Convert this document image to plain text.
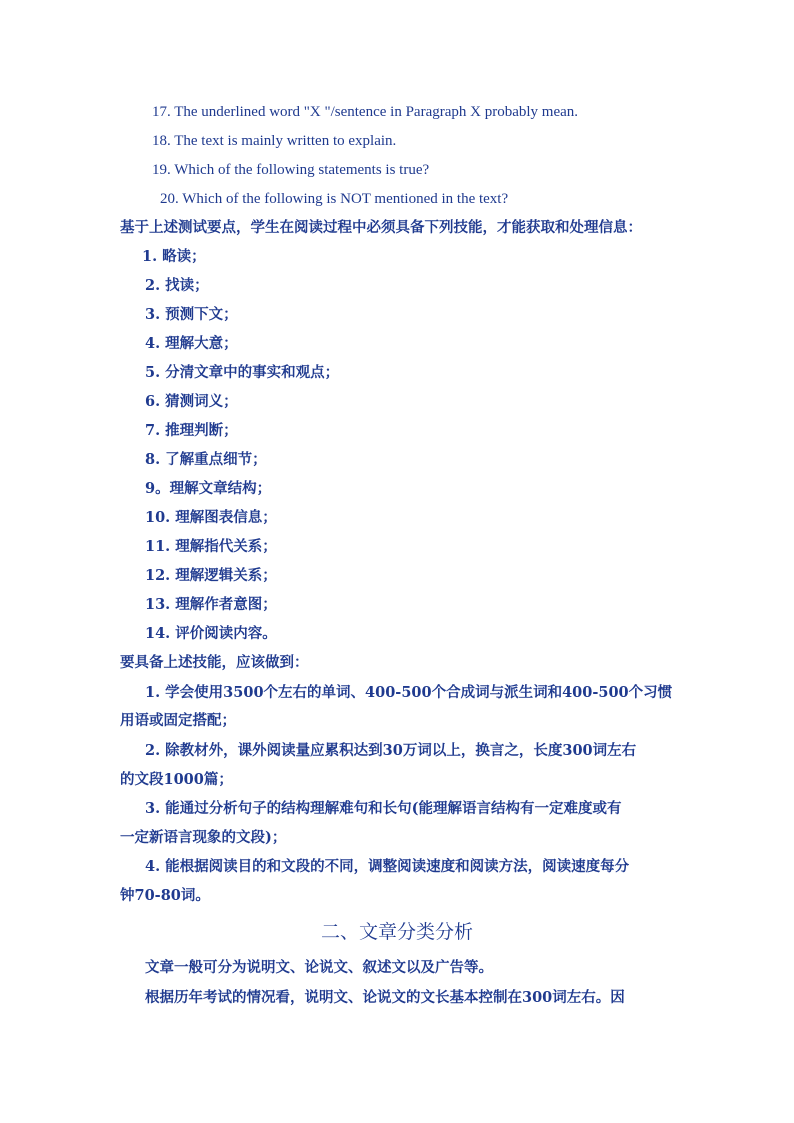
17. The underlined word "X "/sentence in Paragraph X probably mean.
18. The text is mainly written to explain.
19. Which of the following statements is true?
20. Which of the following is NOT mentioned in the text?
基于上述测试要点，学生在阅读过程中必须具备下列技能，才能获取和处理信息：
1. 略读；
2. 找读；
3. 预测下文；
4. 理解大意；
5. 分清文章中的事实和观点；
6. 猜测词义；
7. 推理判断；
8. 了解重点细节；
9。理解文章结构；
10. 理解图表信息；
11. 理解指代关系；
12. 理解逻辑关系；
13. 理解作者意图；
14. 评价阅读内容。
要具备上述技能，应该做到：
1. 学会使用3500个左右的单词、400-500个合成词与派生词和400-500个习惯
用语或固定搭配；
2. 除教材外，课外阅读量应累积达到30万词以上，换言之，长度300词左右
的文段1000篇；
3. 能通过分析句子的结构理解难句和长句(能理解语言结构有一定难度或有
一定新语言现象的文段)；
4. 能根据阅读目的和文段的不同，调整阅读速度和阅读方法，阅读速度每分
钟70-80词。
二、文章分类分析
文章一般可分为说明文、论说文、叙述文以及广告等。
根据历年考试的情况看，说明文、论说文的文长基本控制在300词左右。因
